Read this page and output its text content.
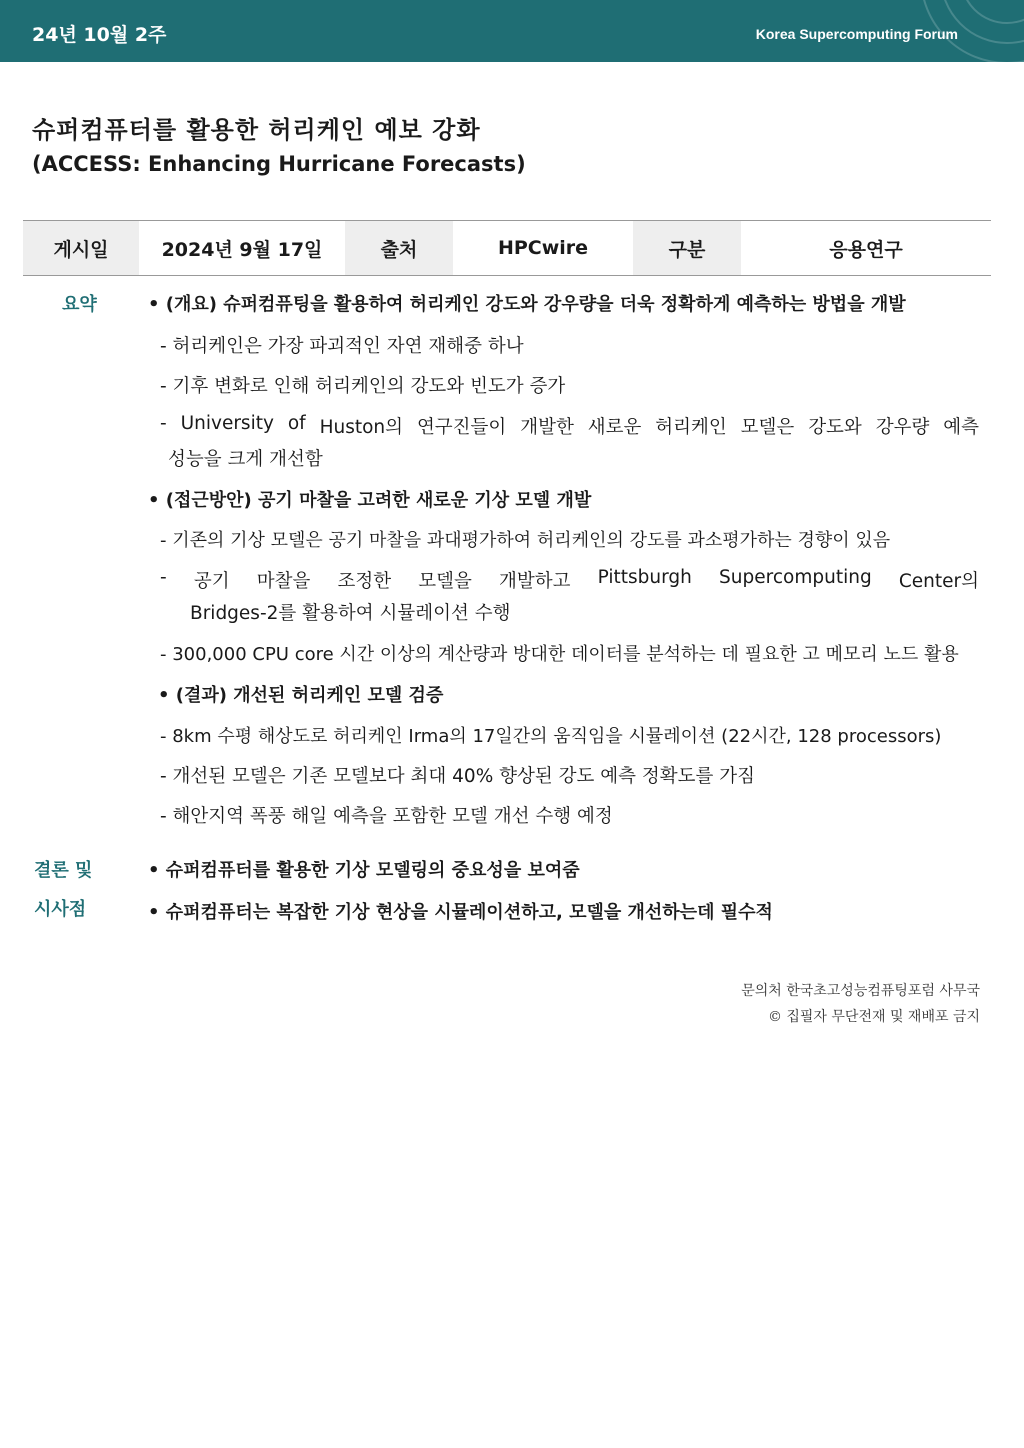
24년 10월 2주	Korea Supercomputing Forum
슈퍼컴퓨터를 활용한 허리케인 예보 강화
(ACCESS: Enhancing Hurricane Forecasts)
게시일	2024년 9월 17일	출처	HPCwire	구분	응용연구
요약	• (개요) 슈퍼컴퓨팅을 활용하여 허리케인 강도와 강우량을 더욱 정확하게 예측하는 방법을 개발
- 허리케인은 가장 파괴적인 자연 재해중 하나
- 기후 변화로 인해 허리케인의 강도와 빈도가 증가
- University of Huston의 연구진들이 개발한 새로운 허리케인 모델은 강도와 강우량 예측
성능을 크게 개선함
• (접근방안) 공기 마찰을 고려한 새로운 기상 모델 개발
- 기존의 기상 모델은 공기 마찰을 과대평가하여 허리케인의 강도를 과소평가하는 경향이 있음
- 공기 마찰을 조정한 모델을 개발하고 Pittsburgh Supercomputing Center의
Bridges-2를 활용하여 시뮬레이션 수행
- 300,000 CPU core 시간 이상의 계산량과 방대한 데이터를 분석하는 데 필요한 고 메모리 노드 활용
• (결과) 개선된 허리케인 모델 검증
- 8km 수평 해상도로 허리케인 Irma의 17일간의 움직임을 시뮬레이션 (22시간, 128 processors)
- 개선된 모델은 기존 모델보다 최대 40% 향상된 강도 예측 정확도를 가짐
- 해안지역 폭풍 해일 예측을 포함한 모델 개선 수행 예정
결론 및
시사점
• 슈퍼컴퓨터를 활용한 기상 모델링의 중요성을 보여줌
• 슈퍼컴퓨터는 복잡한 기상 현상을 시뮬레이션하고, 모델을 개선하는데 필수적
문의처 한국초고성능컴퓨팅포럼 사무국
© 집필자 무단전재 및 재배포 금지
